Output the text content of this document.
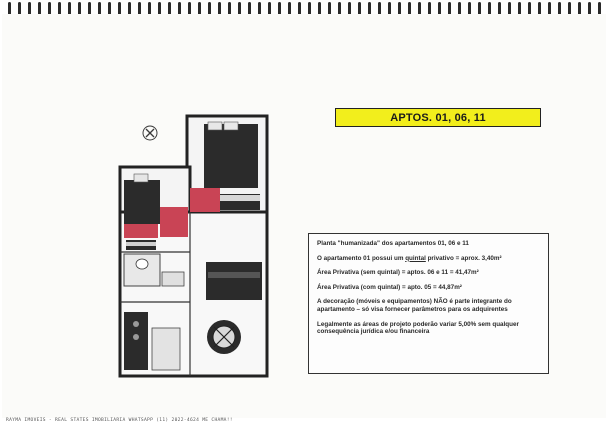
APTOS. 01, 06, 11

Planta "humanizada" dos apartamentos 01, 06 e 11

O apartamento 01 possui um quintal privativo = aprox. 3,40m²

Área Privativa (sem quintal) = aptos. 06 e 11 = 41,47m²

Área Privativa (com quintal) = apto. 05 = 44,87m²

A decoração (móveis e equipamentos) NÃO é parte integrante do apartamento – só visa fornecer parâmetros para os adquirentes

Legalmente as áreas de projeto poderão variar 5,00% sem qualquer consequência jurídica e/ou financeira

RAYMA IMOVEIS - REAL STATES IMOBILIARIA WHATSAPP (11) 2022-4624 ME CHAMA!!
